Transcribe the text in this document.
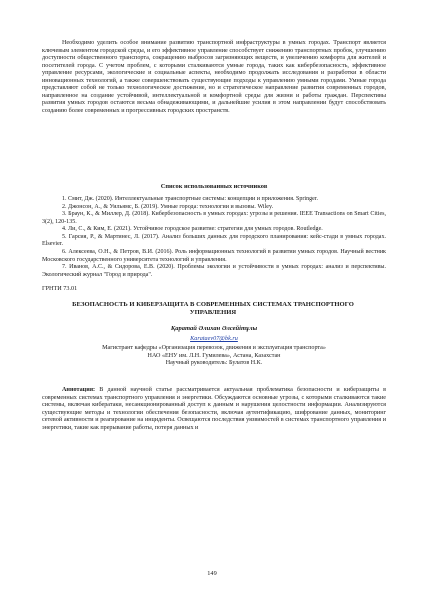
Необходимо уделить особое внимание развитию транспортной инфраструктуры в умных городах. Транспорт является ключевым элементом городской среды, и его эффективное управление способствует снижению транспортных пробок, улучшению доступности общественного транспорта, сокращению выбросов загрязняющих веществ, и увеличению комфорта для жителей и посетителей города. С учетом проблем, с которыми сталкиваются умные города, таких как кибербезопасность, эффективное управление ресурсами, экологические и социальные аспекты, необходимо продолжать исследования и разработки в области инновационных технологий, а также совершенствовать существующие подходы к управлению умными городами. Умные города представляют собой не только технологическое достижение, но и стратегическое направление развития современных городов, направленное на создание устойчивой, интеллектуальной и комфортной среды для жизни и работы граждан. Перспективы развития умных городов остаются весьма обнадеживающими, и дальнейшие усилия в этом направлении будут способствовать созданию более современных и прогрессивных городских пространств.

Список использованных источников
1. Смит, Дж. (2020). Интеллектуальные транспортные системы: концепции и приложения. Springer.
2. Джонсон, А., & Уильямс, Б. (2019). Умные города: технологии и вызовы. Wiley.
3. Браун, К., & Миллер, Д. (2018). Кибербезопасность в умных городах: угрозы и решения. IEEE Transactions on Smart Cities, 3(2), 120-135.
4. Ли, С., & Ким, Е. (2021). Устойчивое городское развитие: стратегии для умных городов. Routledge.
5. Гарсия, Р., & Мартинес, Л. (2017). Анализ больших данных для городского планирования: кейс-стади в умных городах. Elsevier.
6. Алексеева, О.Н., & Петров, В.И. (2016). Роль информационных технологий в развитии умных городов. Научный вестник Московского государственного университета технологий и управления.
7. Иванов, А.С., & Сидорова, Е.В. (2020). Проблемы экологии и устойчивости в умных городах: анализ и перспективы. Экологический журнал "Город и природа".
ГРНТИ 73.01
БЕЗОПАСНОСТЬ И КИБЕРЗАЩИТА В СОВРЕМЕННЫХ СИСТЕМАХ ТРАНСПОРТНОГО УПРАВЛЕНИЯ
Қаратай Әлихан Әлсейітұлы
Karataev07@bk.ru
Магистрант кафедры «Организация перевозок, движения и эксплуатация транспорта»
НАО «ЕНУ им. Л.Н. Гумилева», Астана, Казахстан
Научный руководитель: Булатов Н.К.

Аннотация: В данной научной статье рассматривается актуальная проблематика безопасности и киберзащиты в современных системах транспортного управления и энергетики. Обсуждаются основные угрозы, с которыми сталкиваются такие системы, включая кибератаки, несанкционированный доступ к данным и нарушения целостности информации. Анализируются существующие методы и технологии обеспечения безопасности, включая аутентификацию, шифрование данных, мониторинг сетевой активности и реагирование на инциденты. Освещаются последствия уязвимостей в системах транспортного управления и энергетики, такие как прерывание работы, потеря данных и

149
